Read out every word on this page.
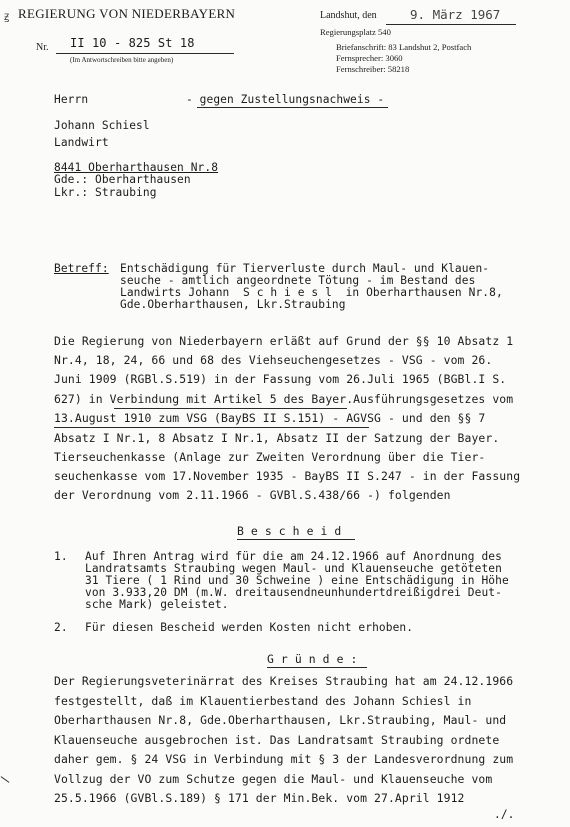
Ꙃ REGIERUNG VON NIEDERBAYERN
Nr. II 10 - 825 St 18
(Im Antwortschreiben bitte angeben)
Landshut, den	9. März 1967
Regierungsplatz 540
Briefanschrift: 83 Landshut 2, Postfach
Fernsprecher: 3060
Fernschreiber: 58218
Herrn	- gegen Zustellungsnachweis -
Johann Schiesl
Landwirt
8441 Oberharthausen Nr.8
Gde.: Oberharthausen
Lkr.: Straubing
Betreff: Entschädigung für Tierverluste durch Maul- und Klauen-
seuche - amtlich angeordnete Tötung - im Bestand des
Landwirts Johann  S c h i e s l  in Oberharthausen Nr.8,
Gde.Oberharthausen, Lkr.Straubing
Die Regierung von Niederbayern erläßt auf Grund der §§ 10 Absatz 1
Nr.4, 18, 24, 66 und 68 des Viehseuchengesetzes - VSG - vom 26.
Juni 1909 (RGBl.S.519) in der Fassung vom 26.Juli 1965 (BGBl.I S.
627) in Verbindung mit Artikel 5 des Bayer.Ausführungsgesetzes vom
13.August 1910 zum VSG (BayBS II S.151) - AGVSG - und den §§ 7
Absatz I Nr.1, 8 Absatz I Nr.1, Absatz II der Satzung der Bayer.
Tierseuchenkasse (Anlage zur Zweiten Verordnung über die Tier-
seuchenkasse vom 17.November 1935 - BayBS II S.247 - in der Fassung
der Verordnung vom 2.11.1966 - GVBl.S.438/66 -) folgenden
B e s c h e i d
1. Auf Ihren Antrag wird für die am 24.12.1966 auf Anordnung des
Landratsamts Straubing wegen Maul- und Klauenseuche getöteten
31 Tiere ( 1 Rind und 30 Schweine ) eine Entschädigung in Höhe
von 3.933,20 DM (m.W. dreitausendneunhundertdreißigdrei Deut-
sche Mark) geleistet.
2. Für diesen Bescheid werden Kosten nicht erhoben.
G r ü n d e :
Der Regierungsveterinärrat des Kreises Straubing hat am 24.12.1966
festgestellt, daß im Klauentierbestand des Johann Schiesl in
Oberharthausen Nr.8, Gde.Oberharthausen, Lkr.Straubing, Maul- und
Klauenseuche ausgebrochen ist. Das Landratsamt Straubing ordnete
daher gem. § 24 VSG in Verbindung mit § 3 der Landesverordnung zum
Vollzug der VO zum Schutze gegen die Maul- und Klauenseuche vom
25.5.1966 (GVBl.S.189) § 171 der Min.Bek. vom 27.April 1912
./.
